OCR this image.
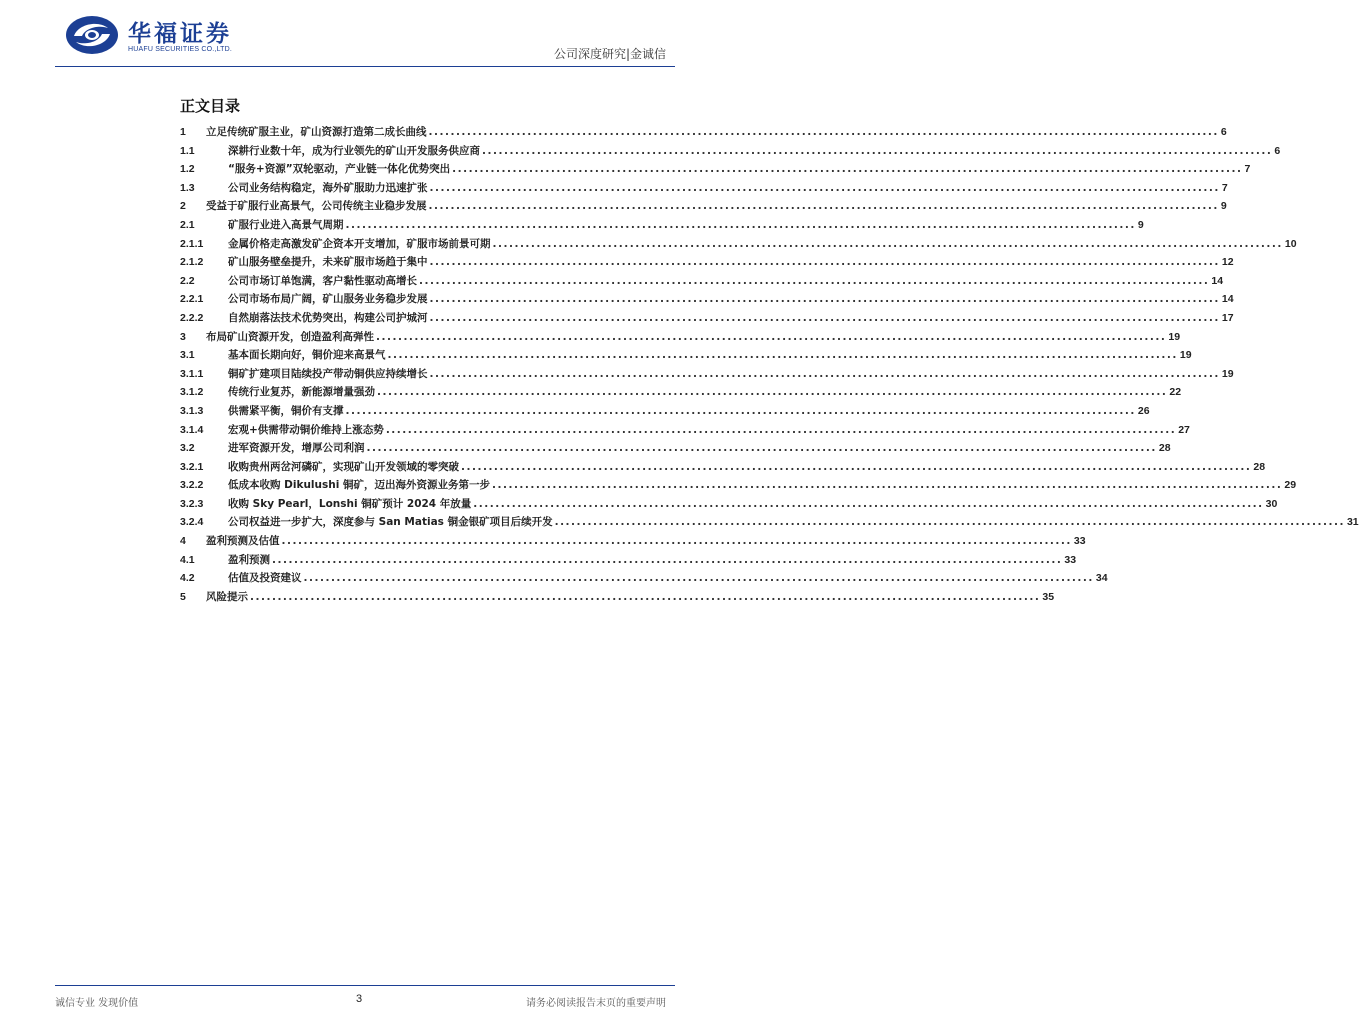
华福证券
HUAFU SECURITIES CO.,LTD.	公司深度研究|金诚信
正文目录
1	立足传统矿服主业，矿山资源打造第二成长曲线 .....	6
1.1	深耕行业数十年，成为行业领先的矿山开发服务供应商 .....	6
1.2	“服务+资源”双轮驱动，产业链一体化优势突出 .....	7
1.3	公司业务结构稳定，海外矿服助力迅速扩张 .....	7
2	受益于矿服行业高景气，公司传统主业稳步发展 .....	9
2.1	矿服行业进入高景气周期 .....	9
2.1.1	金属价格走高激发矿企资本开支增加，矿服市场前景可期 .....	10
2.1.2	矿山服务壁垒提升，未来矿服市场趋于集中 .....	12
2.2	公司市场订单饱满，客户黏性驱动高增长 .....	14
2.2.1	公司市场布局广阔，矿山服务业务稳步发展 .....	14
2.2.2	自然崩落法技术优势突出，构建公司护城河 .....	17
3	布局矿山资源开发，创造盈利高弹性 .....	19
3.1	基本面长期向好，铜价迎来高景气 .....	19
3.1.1	铜矿扩建项目陆续投产带动铜供应持续增长 .....	19
3.1.2	传统行业复苏，新能源增量强劲 .....	22
3.1.3	供需紧平衡，铜价有支撑 .....	26
3.1.4	宏观+供需带动铜价维持上涨态势 .....	27
3.2	进军资源开发，增厚公司利润 .....	28
3.2.1	收购贵州两岔河磷矿，实现矿山开发领域的零突破 .....	28
3.2.2	低成本收购 Dikulushi 铜矿，迈出海外资源业务第一步 .....	29
3.2.3	收购 Sky Pearl，Lonshi 铜矿预计 2024 年放量 .....	30
3.2.4	公司权益进一步扩大，深度参与 San Matias 铜金银矿项目后续开发 .....	31
4	盈利预测及估值 .....	33
4.1	盈利预测 .....	33
4.2	估值及投资建议 .....	34
5	风险提示 .....	35
诚信专业 发现价值	3	请务必阅读报告末页的重要声明
